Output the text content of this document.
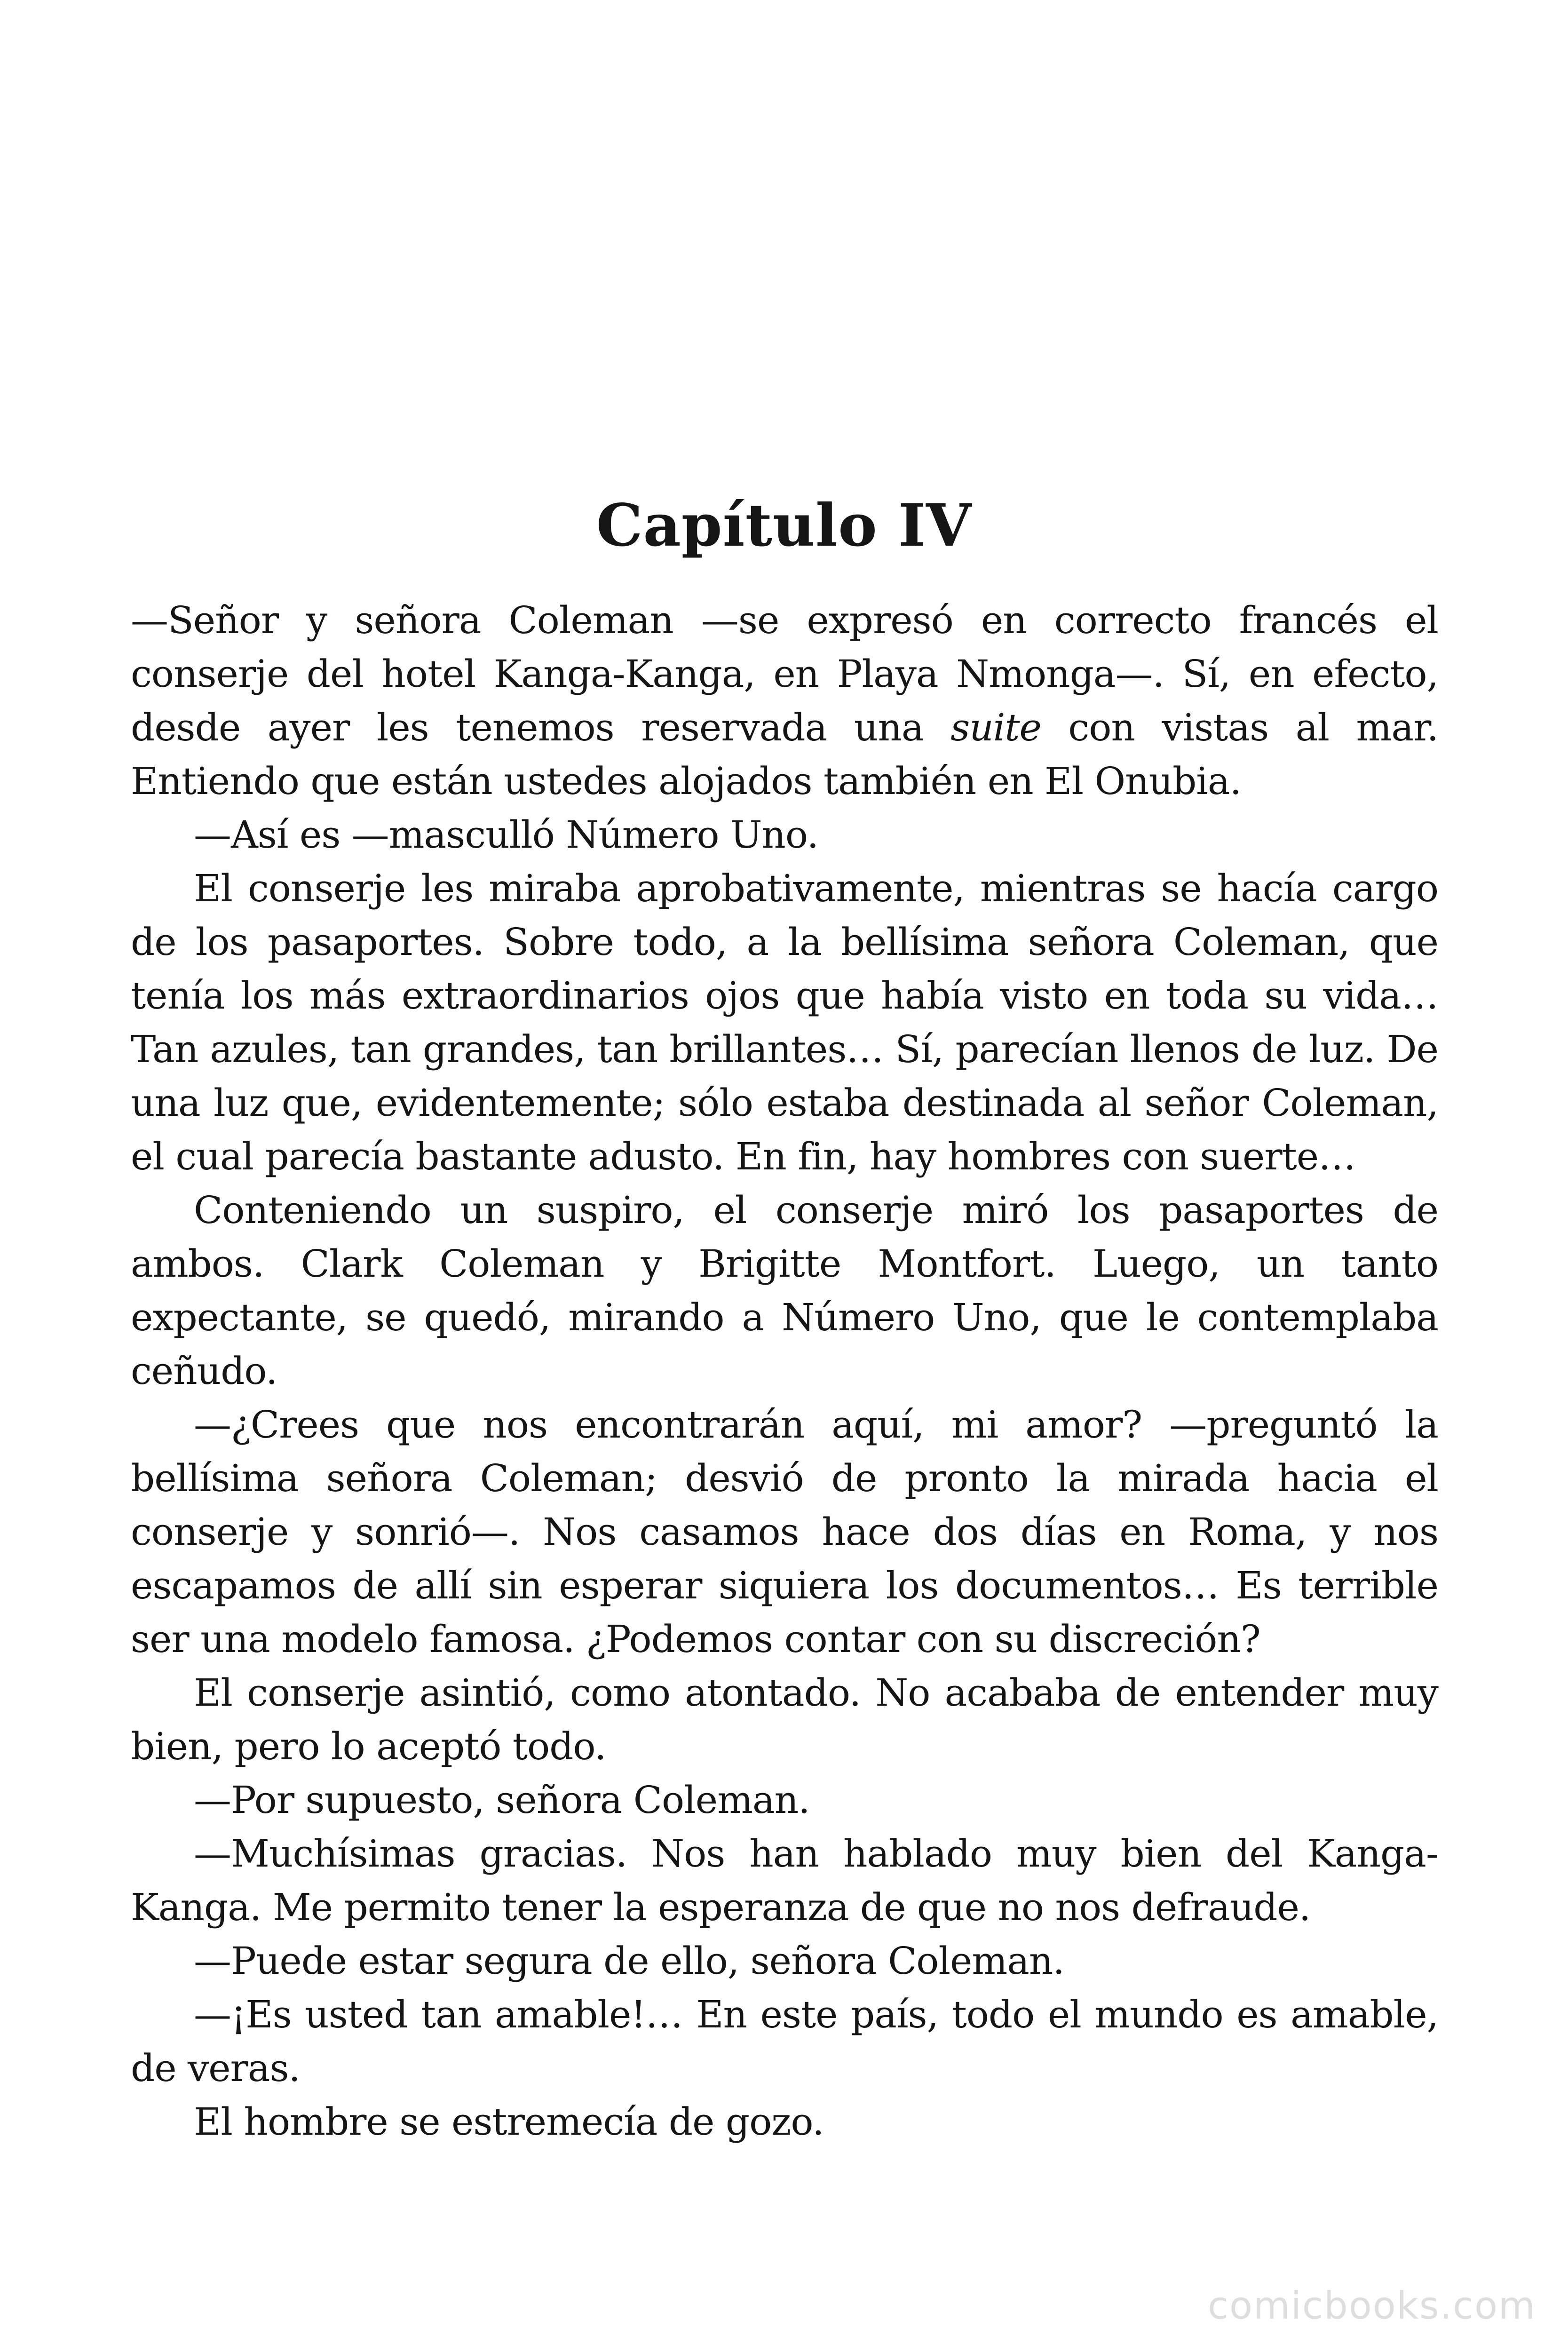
Capítulo IV

—Señor y señora Coleman —se expresó en correcto francés el conserje del hotel Kanga-Kanga, en Playa Nmonga—. Sí, en efecto, desde ayer les tenemos reservada una suite con vistas al mar. Entiendo que están ustedes alojados también en El Onubia.

—Así es —masculló Número Uno.

El conserje les miraba aprobativamente, mientras se hacía cargo de los pasaportes. Sobre todo, a la bellísima señora Coleman, que tenía los más extraordinarios ojos que había visto en toda su vida… Tan azules, tan grandes, tan brillantes… Sí, parecían llenos de luz. De una luz que, evidentemente; sólo estaba destinada al señor Coleman, el cual parecía bastante adusto. En fin, hay hombres con suerte…

Conteniendo un suspiro, el conserje miró los pasaportes de ambos. Clark Coleman y Brigitte Montfort. Luego, un tanto expectante, se quedó, mirando a Número Uno, que le contemplaba ceñudo.

—¿Crees que nos encontrarán aquí, mi amor? —preguntó la bellísima señora Coleman; desvió de pronto la mirada hacia el conserje y sonrió—. Nos casamos hace dos días en Roma, y nos escapamos de allí sin esperar siquiera los documentos… Es terrible ser una modelo famosa. ¿Podemos contar con su discreción?

El conserje asintió, como atontado. No acababa de entender muy bien, pero lo aceptó todo.

—Por supuesto, señora Coleman.

—Muchísimas gracias. Nos han hablado muy bien del Kanga-Kanga. Me permito tener la esperanza de que no nos defraude.

—Puede estar segura de ello, señora Coleman.

—¡Es usted tan amable!… En este país, todo el mundo es amable, de veras.

El hombre se estremecía de gozo.

comicbooks.com
